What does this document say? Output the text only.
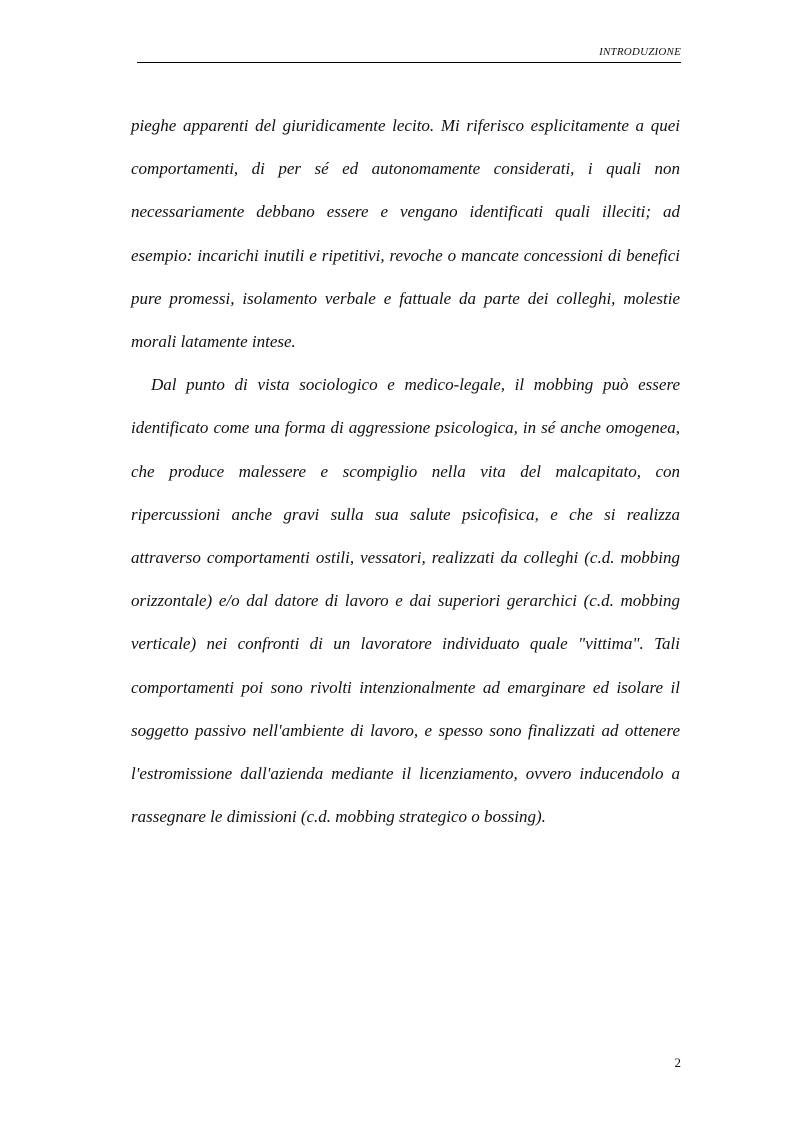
INTRODUZIONE

pieghe apparenti del giuridicamente lecito. Mi riferisco esplicitamente a quei comportamenti, di per sé ed autonomamente considerati, i quali non necessariamente debbano essere e vengano identificati quali illeciti; ad esempio: incarichi inutili e ripetitivi, revoche o mancate concessioni di benefici pure promessi, isolamento verbale e fattuale da parte dei colleghi, molestie morali latamente intese.

Dal punto di vista sociologico e medico-legale, il mobbing può essere identificato come una forma di aggressione psicologica, in sé anche omogenea, che produce malessere e scompiglio nella vita del malcapitato, con ripercussioni anche gravi sulla sua salute psicofisica, e che si realizza attraverso comportamenti ostili, vessatori, realizzati da colleghi (c.d. mobbing orizzontale) e/o dal datore di lavoro e dai superiori gerarchici (c.d. mobbing verticale) nei confronti di un lavoratore individuato quale "vittima". Tali comportamenti poi sono rivolti intenzionalmente ad emarginare ed isolare il soggetto passivo nell'ambiente di lavoro, e spesso sono finalizzati ad ottenere l'estromissione dall'azienda mediante il licenziamento, ovvero inducendolo a rassegnare le dimissioni (c.d. mobbing strategico o bossing).

2
